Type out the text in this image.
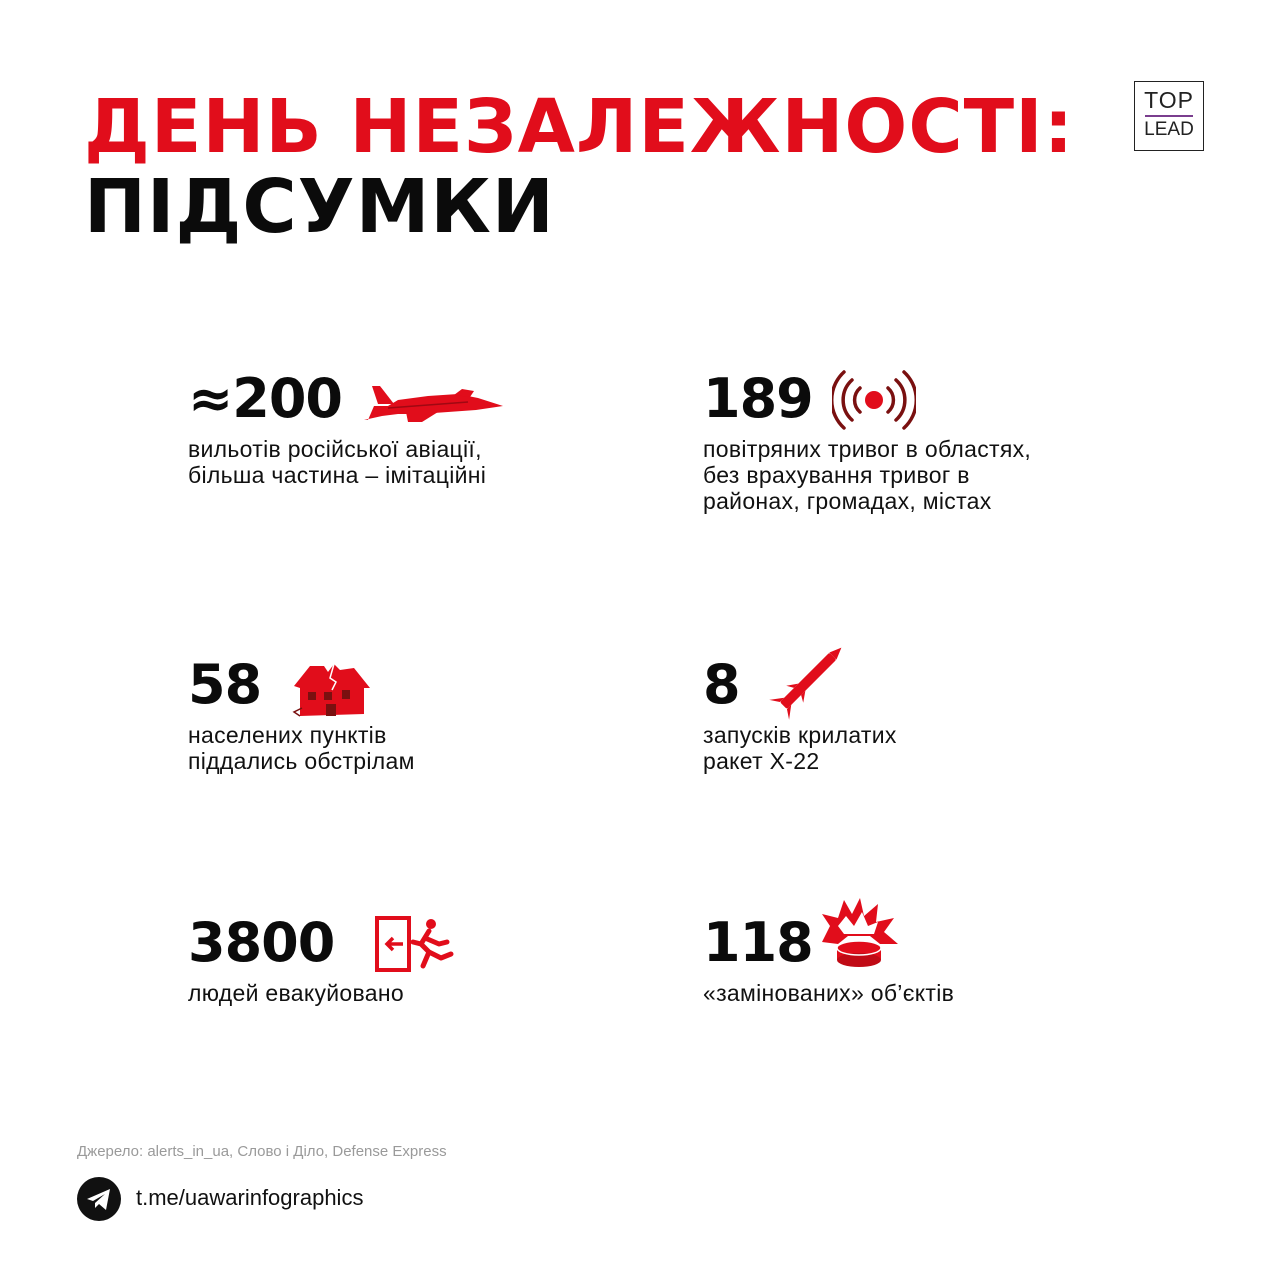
ДЕНЬ НЕЗАЛЕЖНОСТІ:
ПІДСУМКИ
TOP
LEAD
≈200
вильотів російської авіації,
більша частина – імітаційні
189
повітряних тривог в областях,
без врахування тривог в
районах, громадах, містах
58
населених пунктів
піддались обстрілам
8
запусків крилатих
ракет Х-22
3800
людей евакуйовано
118
«замінованих» об’єктів
Джерело: alerts_in_ua, Слово і Діло, Defense Express
t.me/uawarinfographics
